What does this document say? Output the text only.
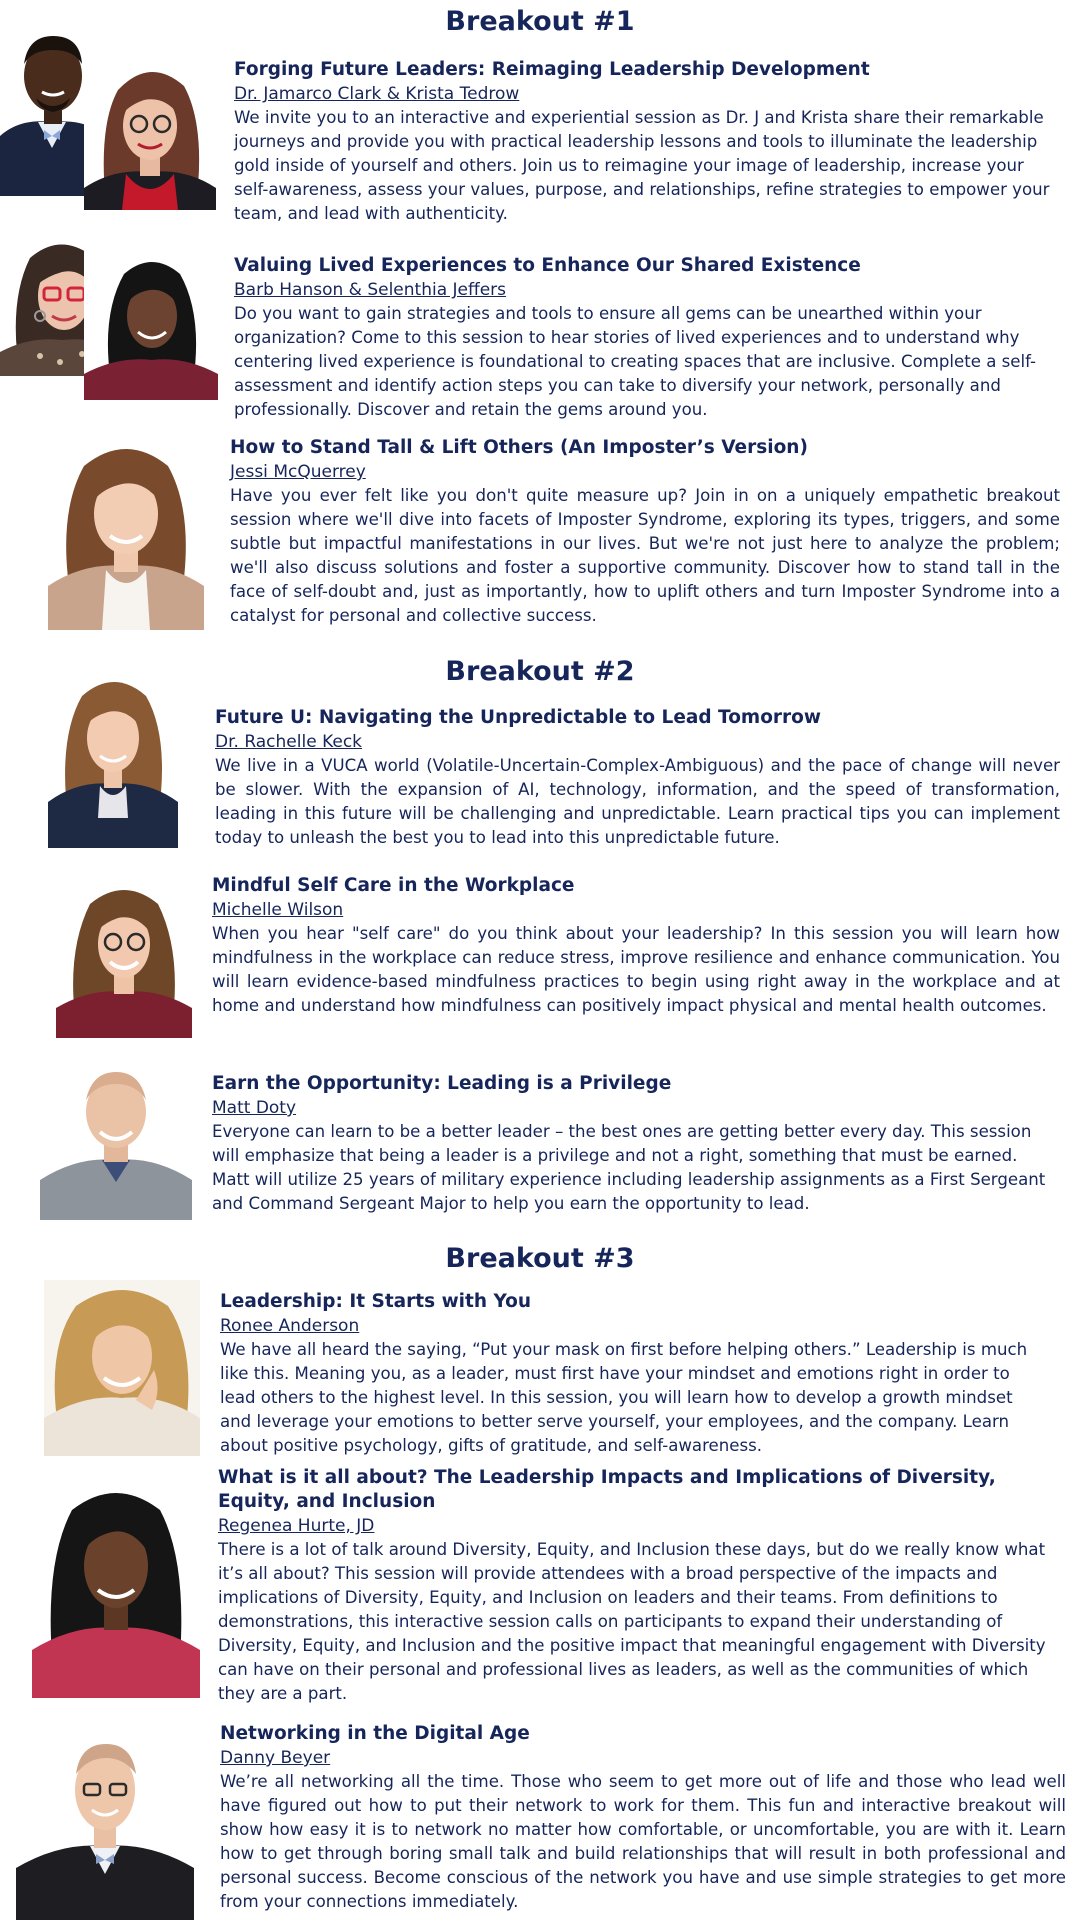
Breakout #1

Forging Future Leaders: Reimaging Leadership Development

Dr. Jamarco Clark & Krista Tedrow

We invite you to an interactive and experiential session as Dr. J and Krista share their remarkable journeys and provide you with practical leadership lessons and tools to illuminate the leadership gold inside of yourself and others. Join us to reimagine your image of leadership, increase your self-awareness, assess your values, purpose, and relationships, refine strategies to empower your team, and lead with authenticity.

Valuing Lived Experiences to Enhance Our Shared Existence

Barb Hanson & Selenthia Jeffers

Do you want to gain strategies and tools to ensure all gems can be unearthed within your organization? Come to this session to hear stories of lived experiences and to understand why centering lived experience is foundational to creating spaces that are inclusive. Complete a self-assessment and identify action steps you can take to diversify your network, personally and professionally. Discover and retain the gems around you.

How to Stand Tall & Lift Others (An Imposter’s Version)

Jessi McQuerrey

Have you ever felt like you don't quite measure up? Join in on a uniquely empathetic breakout session where we'll dive into facets of Imposter Syndrome, exploring its types, triggers, and some subtle but impactful manifestations in our lives. But we're not just here to analyze the problem; we'll also discuss solutions and foster a supportive community. Discover how to stand tall in the face of self-doubt and, just as importantly, how to uplift others and turn Imposter Syndrome into a catalyst for personal and collective success.

Breakout #2

Future U: Navigating the Unpredictable to Lead Tomorrow

Dr. Rachelle Keck

We live in a VUCA world (Volatile-Uncertain-Complex-Ambiguous) and the pace of change will never be slower. With the expansion of AI, technology, information, and the speed of transformation, leading in this future will be challenging and unpredictable. Learn practical tips you can implement today to unleash the best you to lead into this unpredictable future.

Mindful Self Care in the Workplace

Michelle Wilson

When you hear "self care" do you think about your leadership? In this session you will learn how mindfulness in the workplace can reduce stress, improve resilience and enhance communication. You will learn evidence-based mindfulness practices to begin using right away in the workplace and at home and understand how mindfulness can positively impact physical and mental health outcomes.

Earn the Opportunity: Leading is a Privilege

Matt Doty

Everyone can learn to be a better leader – the best ones are getting better every day. This session will emphasize that being a leader is a privilege and not a right, something that must be earned. Matt will utilize 25 years of military experience including leadership assignments as a First Sergeant and Command Sergeant Major to help you earn the opportunity to lead.

Breakout #3

Leadership: It Starts with You

Ronee Anderson

We have all heard the saying, “Put your mask on first before helping others.” Leadership is much like this. Meaning you, as a leader, must first have your mindset and emotions right in order to lead others to the highest level. In this session, you will learn how to develop a growth mindset and leverage your emotions to better serve yourself, your employees, and the company. Learn about positive psychology, gifts of gratitude, and self-awareness.

What is it all about? The Leadership Impacts and Implications of Diversity, Equity, and Inclusion

Regenea Hurte, JD

There is a lot of talk around Diversity, Equity, and Inclusion these days, but do we really know what it’s all about? This session will provide attendees with a broad perspective of the impacts and implications of Diversity, Equity, and Inclusion on leaders and their teams. From definitions to demonstrations, this interactive session calls on participants to expand their understanding of Diversity, Equity, and Inclusion and the positive impact that meaningful engagement with Diversity can have on their personal and professional lives as leaders, as well as the communities of which they are a part.

Networking in the Digital Age

Danny Beyer

We’re all networking all the time. Those who seem to get more out of life and those who lead well have figured out how to put their network to work for them. This fun and interactive breakout will show how easy it is to network no matter how comfortable, or uncomfortable, you are with it. Learn how to get through boring small talk and build relationships that will result in both professional and personal success. Become conscious of the network you have and use simple strategies to get more from your connections immediately.
